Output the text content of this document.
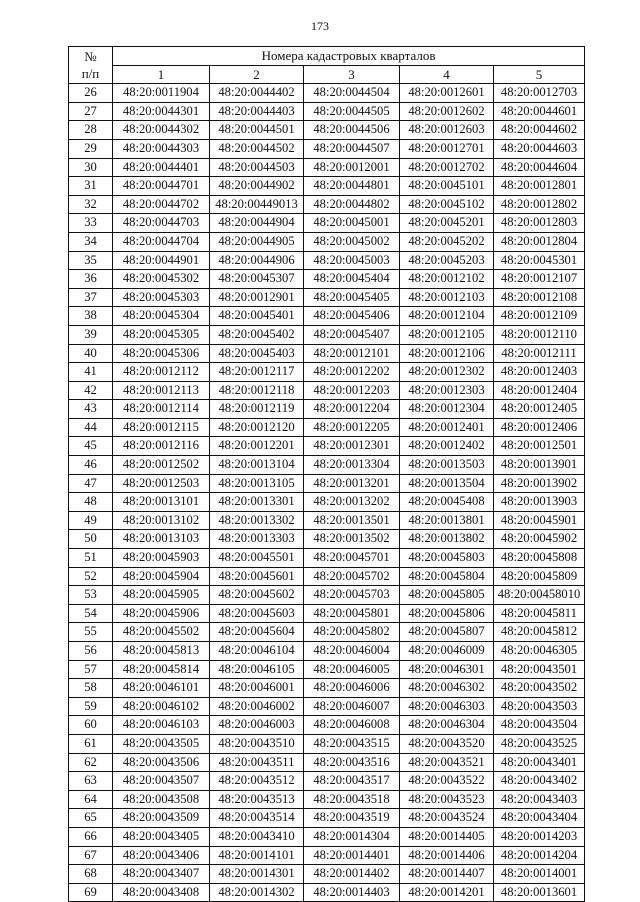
173
№
п/п	Номера кадастровых кварталов				
	1	2	3	4	5
26	48:20:0011904	48:20:0044402	48:20:0044504	48:20:0012601	48:20:0012703
27	48:20:0044301	48:20:0044403	48:20:0044505	48:20:0012602	48:20:0044601
28	48:20:0044302	48:20:0044501	48:20:0044506	48:20:0012603	48:20:0044602
29	48:20:0044303	48:20:0044502	48:20:0044507	48:20:0012701	48:20:0044603
30	48:20:0044401	48:20:0044503	48:20:0012001	48:20:0012702	48:20:0044604
31	48:20:0044701	48:20:0044902	48:20:0044801	48:20:0045101	48:20:0012801
32	48:20:0044702	48:20:00449013	48:20:0044802	48:20:0045102	48:20:0012802
33	48:20:0044703	48:20:0044904	48:20:0045001	48:20:0045201	48:20:0012803
34	48:20:0044704	48:20:0044905	48:20:0045002	48:20:0045202	48:20:0012804
35	48:20:0044901	48:20:0044906	48:20:0045003	48:20:0045203	48:20:0045301
36	48:20:0045302	48:20:0045307	48:20:0045404	48:20:0012102	48:20:0012107
37	48:20:0045303	48:20:0012901	48:20:0045405	48:20:0012103	48:20:0012108
38	48:20:0045304	48:20:0045401	48:20:0045406	48:20:0012104	48:20:0012109
39	48:20:0045305	48:20:0045402	48:20:0045407	48:20:0012105	48:20:0012110
40	48:20:0045306	48:20:0045403	48:20:0012101	48:20:0012106	48:20:0012111
41	48:20:0012112	48:20:0012117	48:20:0012202	48:20:0012302	48:20:0012403
42	48:20:0012113	48:20:0012118	48:20:0012203	48:20:0012303	48:20:0012404
43	48:20:0012114	48:20:0012119	48:20:0012204	48:20:0012304	48:20:0012405
44	48:20:0012115	48:20:0012120	48:20:0012205	48:20:0012401	48:20:0012406
45	48:20:0012116	48:20:0012201	48:20:0012301	48:20:0012402	48:20:0012501
46	48:20:0012502	48:20:0013104	48:20:0013304	48:20:0013503	48:20:0013901
47	48:20:0012503	48:20:0013105	48:20:0013201	48:20:0013504	48:20:0013902
48	48:20:0013101	48:20:0013301	48:20:0013202	48:20:0045408	48:20:0013903
49	48:20:0013102	48:20:0013302	48:20:0013501	48:20:0013801	48:20:0045901
50	48:20:0013103	48:20:0013303	48:20:0013502	48:20:0013802	48:20:0045902
51	48:20:0045903	48:20:0045501	48:20:0045701	48:20:0045803	48:20:0045808
52	48:20:0045904	48:20:0045601	48:20:0045702	48:20:0045804	48:20:0045809
53	48:20:0045905	48:20:0045602	48:20:0045703	48:20:0045805	48:20:00458010
54	48:20:0045906	48:20:0045603	48:20:0045801	48:20:0045806	48:20:0045811
55	48:20:0045502	48:20:0045604	48:20:0045802	48:20:0045807	48:20:0045812
56	48:20:0045813	48:20:0046104	48:20:0046004	48:20:0046009	48:20:0046305
57	48:20:0045814	48:20:0046105	48:20:0046005	48:20:0046301	48:20:0043501
58	48:20:0046101	48:20:0046001	48:20:0046006	48:20:0046302	48:20:0043502
59	48:20:0046102	48:20:0046002	48:20:0046007	48:20:0046303	48:20:0043503
60	48:20:0046103	48:20:0046003	48:20:0046008	48:20:0046304	48:20:0043504
61	48:20:0043505	48:20:0043510	48:20:0043515	48:20:0043520	48:20:0043525
62	48:20:0043506	48:20:0043511	48:20:0043516	48:20:0043521	48:20:0043401
63	48:20:0043507	48:20:0043512	48:20:0043517	48:20:0043522	48:20:0043402
64	48:20:0043508	48:20:0043513	48:20:0043518	48:20:0043523	48:20:0043403
65	48:20:0043509	48:20:0043514	48:20:0043519	48:20:0043524	48:20:0043404
66	48:20:0043405	48:20:0043410	48:20:0014304	48:20:0014405	48:20:0014203
67	48:20:0043406	48:20:0014101	48:20:0014401	48:20:0014406	48:20:0014204
68	48:20:0043407	48:20:0014301	48:20:0014402	48:20:0014407	48:20:0014001
69	48:20:0043408	48:20:0014302	48:20:0014403	48:20:0014201	48:20:0013601
